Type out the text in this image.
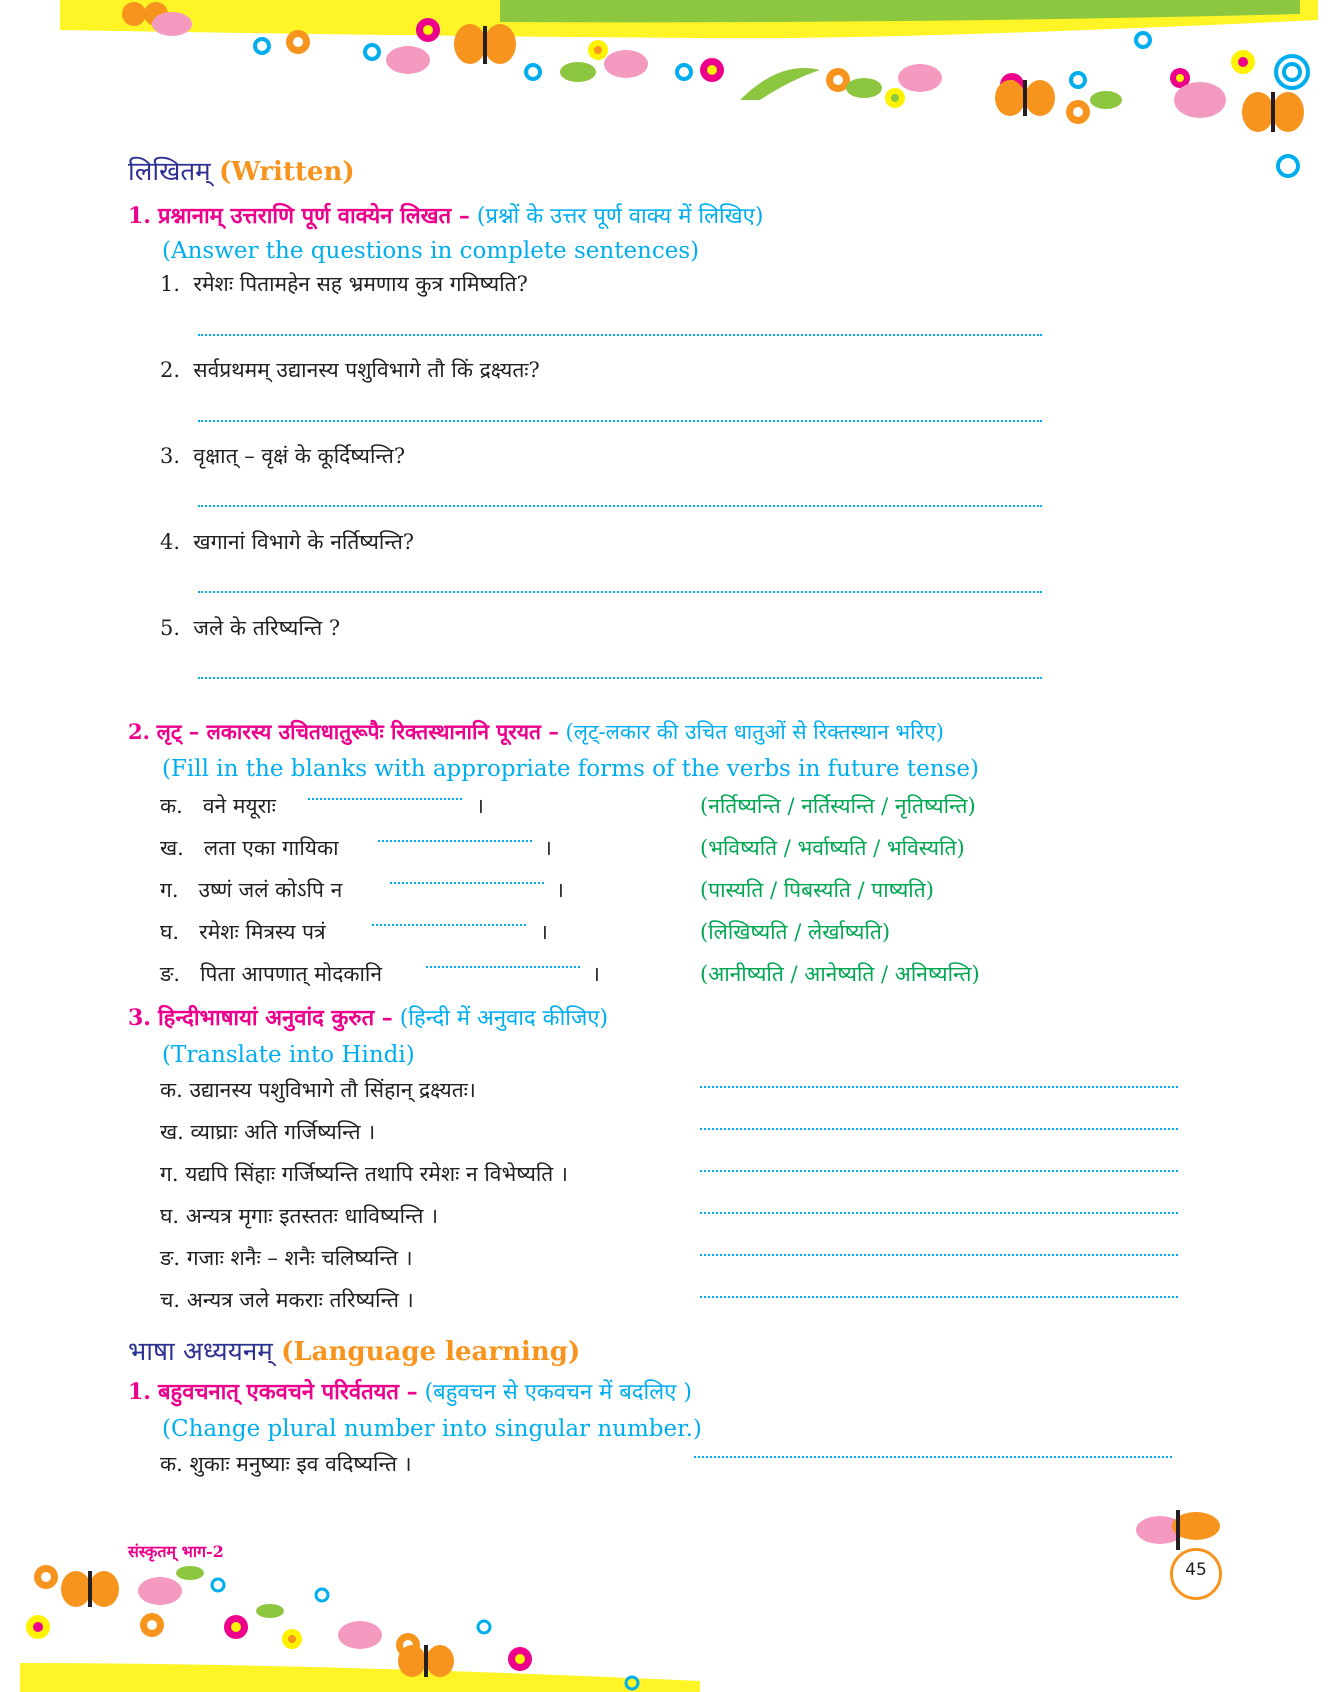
लिखितम् (Written)
1. प्रश्नानाम् उत्तराणि पूर्ण वाक्येन लिखत – (प्रश्नों के उत्तर पूर्ण वाक्य में लिखिए)
(Answer the questions in complete sentences)
1. रमेशः पितामहेन सह भ्रमणाय कुत्र गमिष्यति?
2. सर्वप्रथमम् उद्यानस्य पशुविभागे तौ किं द्रक्ष्यतः?
3. वृक्षात् – वृक्षं के कूर्दिष्यन्ति?
4. खगानां विभागे के नर्तिष्यन्ति?
5. जले के तरिष्यन्ति ?
2. लृट् – लकारस्य उचितधातुरूपैः रिक्तस्थानानि पूरयत – (लृट्-लकार की उचित धातुओं से रिक्तस्थान भरिए)
(Fill in the blanks with appropriate forms of the verbs in future tense)
क. वने मयूराः	।	(नर्तिष्यन्ति / नर्तिस्यन्ति / नृतिष्यन्ति)
ख. लता एका गायिका	।	(भविष्यति / भर्वाष्यति / भविस्यति)
ग. उष्णं जलं कोऽपि न	।	(पास्यति / पिबस्यति / पाष्यति)
घ. रमेशः मित्रस्य पत्रं	।	(लिखिष्यति / लेर्खाष्यति)
ङ. पिता आपणात् मोदकानि	।	(आनीष्यति / आनेष्यति / अनिष्यन्ति)
3. हिन्दीभाषायां अनुवांद कुरुत – (हिन्दी में अनुवाद कीजिए)
(Translate into Hindi)
क. उद्यानस्य पशुविभागे तौ सिंहान् द्रक्ष्यतः।
ख. व्याघ्राः अति गर्जिष्यन्ति ।
ग. यद्यपि सिंहाः गर्जिष्यन्ति तथापि रमेशः न विभेष्यति ।
घ. अन्यत्र मृगाः इतस्ततः धाविष्यन्ति ।
ङ. गजाः शनैः – शनैः चलिष्यन्ति ।
च. अन्यत्र जले मकराः तरिष्यन्ति ।
भाषा अध्ययनम् (Language learning)
1. बहुवचनात् एकवचने परिर्वतयत – (बहुवचन से एकवचन में बदलिए )
(Change plural number into singular number.)
क. शुकाः मनुष्याः इव वदिष्यन्ति ।
संस्कृतम् भाग-2
45
